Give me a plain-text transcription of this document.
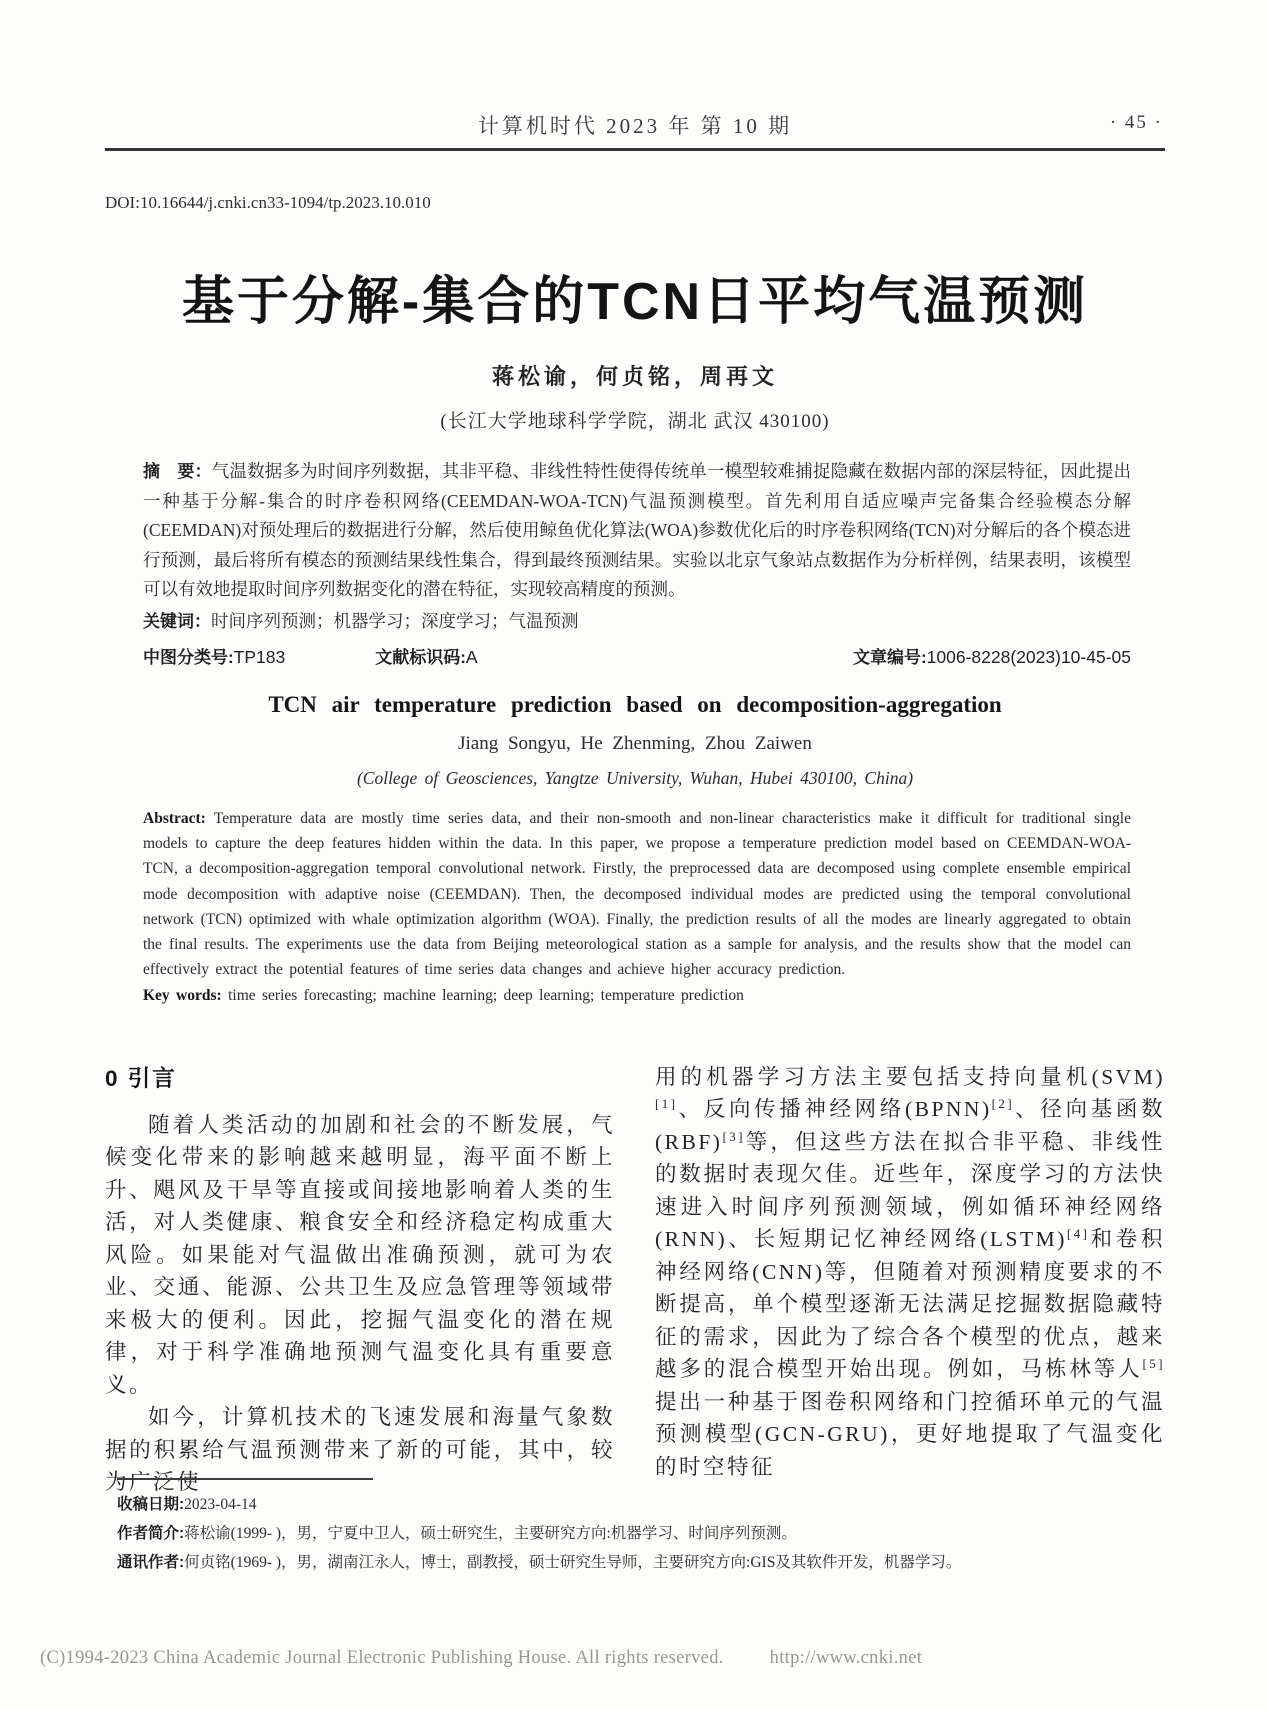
计算机时代 2023 年 第 10 期	· 45 ·
DOI:10.16644/j.cnki.cn33-1094/tp.2023.10.010
基于分解-集合的TCN日平均气温预测
蒋松谕，何贞铭，周再文
(长江大学地球科学学院，湖北 武汉 430100)

摘　要：气温数据多为时间序列数据，其非平稳、非线性特性使得传统单一模型较难捕捉隐藏在数据内部的深层特征，因此提出一种基于分解-集合的时序卷积网络(CEEMDAN-WOA-TCN)气温预测模型。首先利用自适应噪声完备集合经验模态分解(CEEMDAN)对预处理后的数据进行分解，然后使用鲸鱼优化算法(WOA)参数优化后的时序卷积网络(TCN)对分解后的各个模态进行预测，最后将所有模态的预测结果线性集合，得到最终预测结果。实验以北京气象站点数据作为分析样例，结果表明，该模型可以有效地提取时间序列数据变化的潜在特征，实现较高精度的预测。

关键词：时间序列预测；机器学习；深度学习；气温预测

中图分类号:TP183	文献标识码:A	文章编号:1006-8228(2023)10-45-05
TCN air temperature prediction based on decomposition-aggregation
Jiang Songyu, He Zhenming, Zhou Zaiwen
(College of Geosciences, Yangtze University, Wuhan, Hubei 430100, China)

Abstract: Temperature data are mostly time series data, and their non-smooth and non-linear characteristics make it difficult for traditional single models to capture the deep features hidden within the data. In this paper, we propose a temperature prediction model based on CEEMDAN-WOA-TCN, a decomposition-aggregation temporal convolutional network. Firstly, the preprocessed data are decomposed using complete ensemble empirical mode decomposition with adaptive noise (CEEMDAN). Then, the decomposed individual modes are predicted using the temporal convolutional network (TCN) optimized with whale optimization algorithm (WOA). Finally, the prediction results of all the modes are linearly aggregated to obtain the final results. The experiments use the data from Beijing meteorological station as a sample for analysis, and the results show that the model can effectively extract the potential features of time series data changes and achieve higher accuracy prediction.

Key words: time series forecasting; machine learning; deep learning; temperature prediction

0 引言

随着人类活动的加剧和社会的不断发展，气候变化带来的影响越来越明显，海平面不断上升、飓风及干旱等直接或间接地影响着人类的生活，对人类健康、粮食安全和经济稳定构成重大风险。如果能对气温做出准确预测，就可为农业、交通、能源、公共卫生及应急管理等领域带来极大的便利。因此，挖掘气温变化的潜在规律，对于科学准确地预测气温变化具有重要意义。

如今，计算机技术的飞速发展和海量气象数据的积累给气温预测带来了新的可能，其中，较为广泛使

用的机器学习方法主要包括支持向量机(SVM)[1]、反向传播神经网络(BPNN)[2]、径向基函数(RBF)[3]等，但这些方法在拟合非平稳、非线性的数据时表现欠佳。近些年，深度学习的方法快速进入时间序列预测领域，例如循环神经网络(RNN)、长短期记忆神经网络(LSTM)[4]和卷积神经网络(CNN)等，但随着对预测精度要求的不断提高，单个模型逐渐无法满足挖掘数据隐藏特征的需求，因此为了综合各个模型的优点，越来越多的混合模型开始出现。例如，马栋林等人[5]提出一种基于图卷积网络和门控循环单元的气温预测模型(GCN-GRU)，更好地提取了气温变化的时空特征

收稿日期:2023-04-14

作者简介:蒋松谕(1999- )，男，宁夏中卫人，硕士研究生，主要研究方向:机器学习、时间序列预测。

通讯作者:何贞铭(1969- )，男，湖南江永人，博士，副教授，硕士研究生导师，主要研究方向:GIS及其软件开发，机器学习。

(C)1994-2023 China Academic Journal Electronic Publishing House. All rights reserved. http://www.cnki.net
